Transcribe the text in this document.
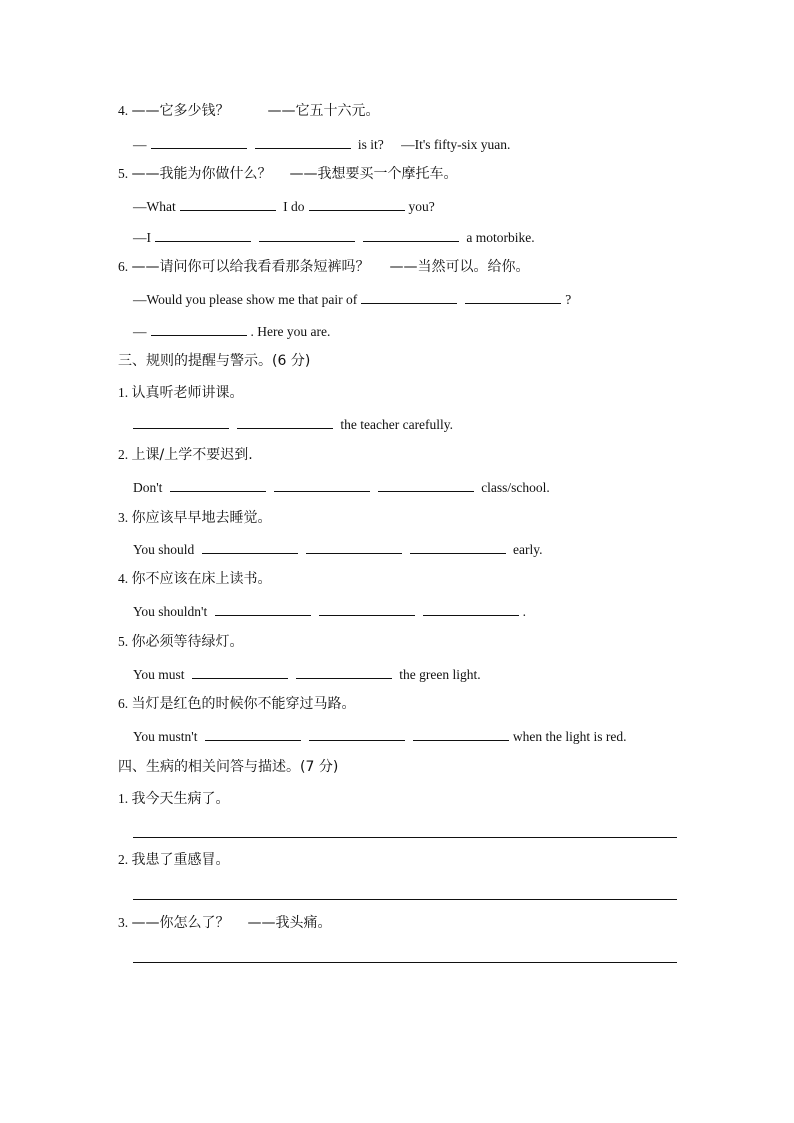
4. ——它多少钱？	——它五十六元。
—	is it? —It's fifty-six yuan.
5. ——我能为你做什么？ ——我想要买一个摩托车。
—What	I do	you?
—I	a motorbike.
6. ——请问你可以给我看看那条短裤吗？ ——当然可以。给你。
—Would you please show me that pair of	?
—	. Here you are.
三、规则的提醒与警示。(6 分)
1. 认真听老师讲课。
the teacher carefully.
2. 上课/上学不要迟到.
Don't	class/school.
3. 你应该早早地去睡觉。
You should	early.
4. 你不应该在床上读书。
You shouldn't	.
5. 你必须等待绿灯。
You must	the green light.
6. 当灯是红色的时候你不能穿过马路。
You mustn't	when the light is red.
四、生病的相关问答与描述。(7 分)
1. 我今天生病了。
2. 我患了重感冒。
3. ——你怎么了？ ——我头痛。
